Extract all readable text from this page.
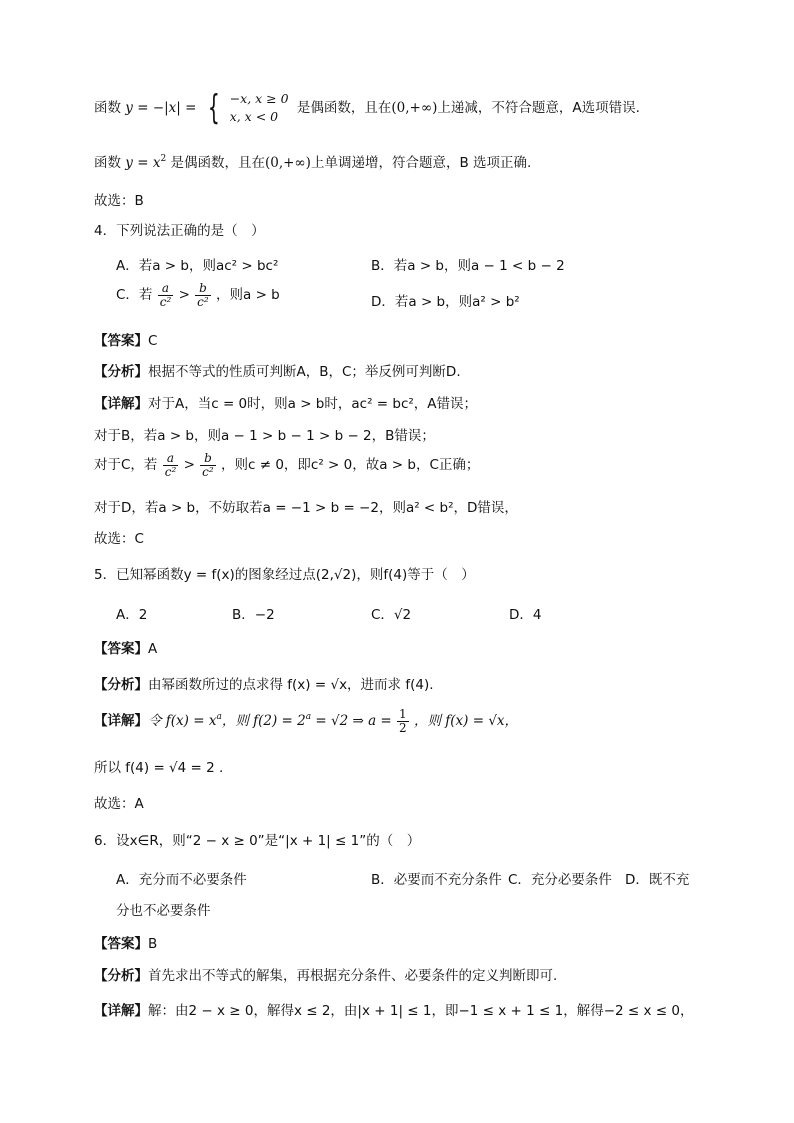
函数 y = −|x| = { −x, x ≥ 0
x, x < 0
是偶函数，且在(0,+∞)上递减，不符合题意，A选项错误.
函数 $y = x^2$ 是偶函数，且在(0,+∞)上单调递增，符合题意，B 选项正确.
故选：B
4．下列说法正确的是（　）
A．若a > b，则ac² > bc²	B．若a > b，则a − 1 < b − 2
C．若 $\frac{a}{\text{c²}} > \frac{b}{\text{c²}}$ ，则a > b	D．若a > b，则a² > b²
【答案】C
【分析】根据不等式的性质可判断A，B，C；举反例可判断D.
【详解】对于A，当c = 0时，则a > b时，ac² = bc²，A错误；
对于B，若a > b，则a − 1 > b − 1 > b − 2，B错误；
对于C，若 $\frac{a}{\text{c²}} > \frac{b}{\text{c²}}$ ，则c ≠ 0，即c² > 0，故a > b，C正确；
对于D，若a > b，不妨取若a = −1 > b = −2，则a² < b²，D错误，
故选：C
5．已知幂函数y = f(x)的图象经过点(2,√2)，则f(4)等于（　）
A．2	B．−2	C．√2	D．4
【答案】A
【分析】由幂函数所过的点求得 f(x) = √x，进而求 f(4).
【详解】令 $f(x) = x^a$，则 $f(2) = 2^a = √2$ ⇒ $a = \frac{1}{2}$ ，则 f(x) = √x，
所以 f(4) = √4 = 2 .
故选：A
6．设x∈R，则“2 − x ≥ 0”是“|x + 1| ≤ 1”的（　）
A．充分而不必要条件	B．必要而不充分条件 C．充分必要条件 D．既不充
分也不必要条件
【答案】B
【分析】首先求出不等式的解集，再根据充分条件、必要条件的定义判断即可.
【详解】解：由2 − x ≥ 0，解得x ≤ 2，由|x + 1| ≤ 1，即−1 ≤ x + 1 ≤ 1，解得−2 ≤ x ≤ 0，
